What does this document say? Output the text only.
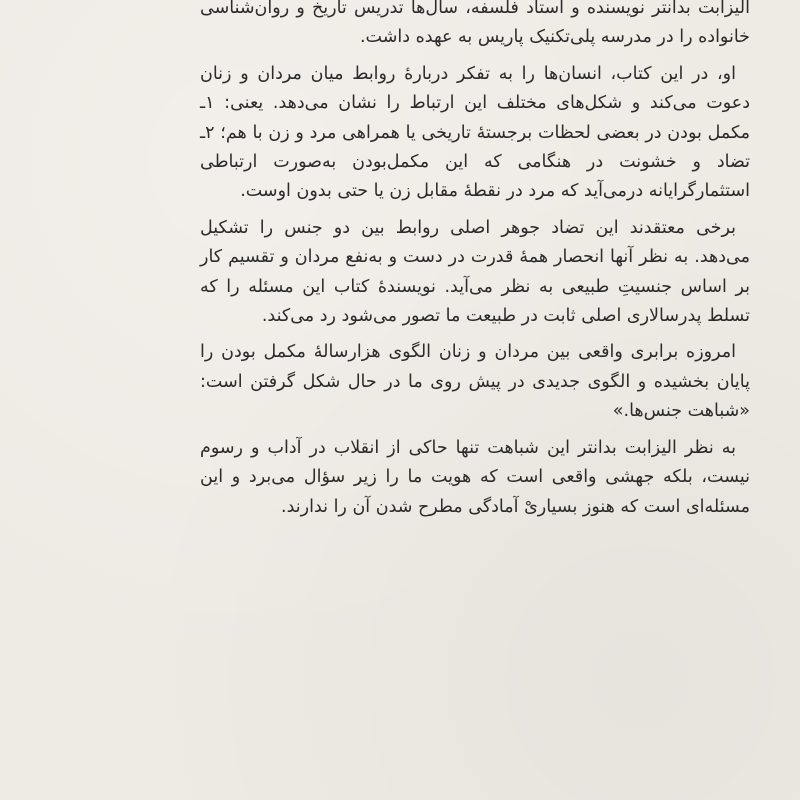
الیزابت بدانتر نویسنده و استاد فلسفه، سال‌ها تدریس تاریخ و روان‌شناسی خانواده را در مدرسه پلی‌تکنیک پاریس به عهده داشت.

او، در این کتاب، انسان‌ها را به تفکر دربارهٔ روابط میان مردان و زنان دعوت می‌کند و شکل‌های مختلف این ارتباط را نشان می‌دهد. یعنی: ۱ـ مکمل بودن در بعضی لحظات برجستهٔ تاریخی یا همراهی مرد و زن با هم؛ ۲ـ تضاد و خشونت در هنگامی که این مکمل‌بودن به‌صورت ارتباطی استثمارگرایانه درمی‌آید که مرد در نقطهٔ مقابل زن یا حتی بدون اوست.

برخی معتقدند این تضاد جوهر اصلی روابط بین دو جنس را تشکیل می‌دهد. به نظر آنها انحصار همهٔ قدرت در دست و به‌نفع مردان و تقسیم کار بر اساس جنسیتِ طبیعی به نظر می‌آید. نویسندهٔ کتاب این مسئله را که تسلط پدرسالاری اصلی ثابت در طبیعت ما تصور می‌شود رد می‌کند.

امروزه برابری واقعی بین مردان و زنان الگوی هزارسالهٔ مکمل بودن را پایان بخشیده و الگوی جدیدی در پیش روی ما در حال شکل گرفتن است: «شباهت جنس‌ها.»

به نظر الیزابت بدانتر این شباهت تنها حاکی از انقلاب در آداب و رسوم نیست، بلکه جهشی واقعی است که هویت ما را زیر سؤال می‌برد و این مسئله‌ای است که هنوز بسیاریْ آمادگی مطرح شدن آن را ندارند.
